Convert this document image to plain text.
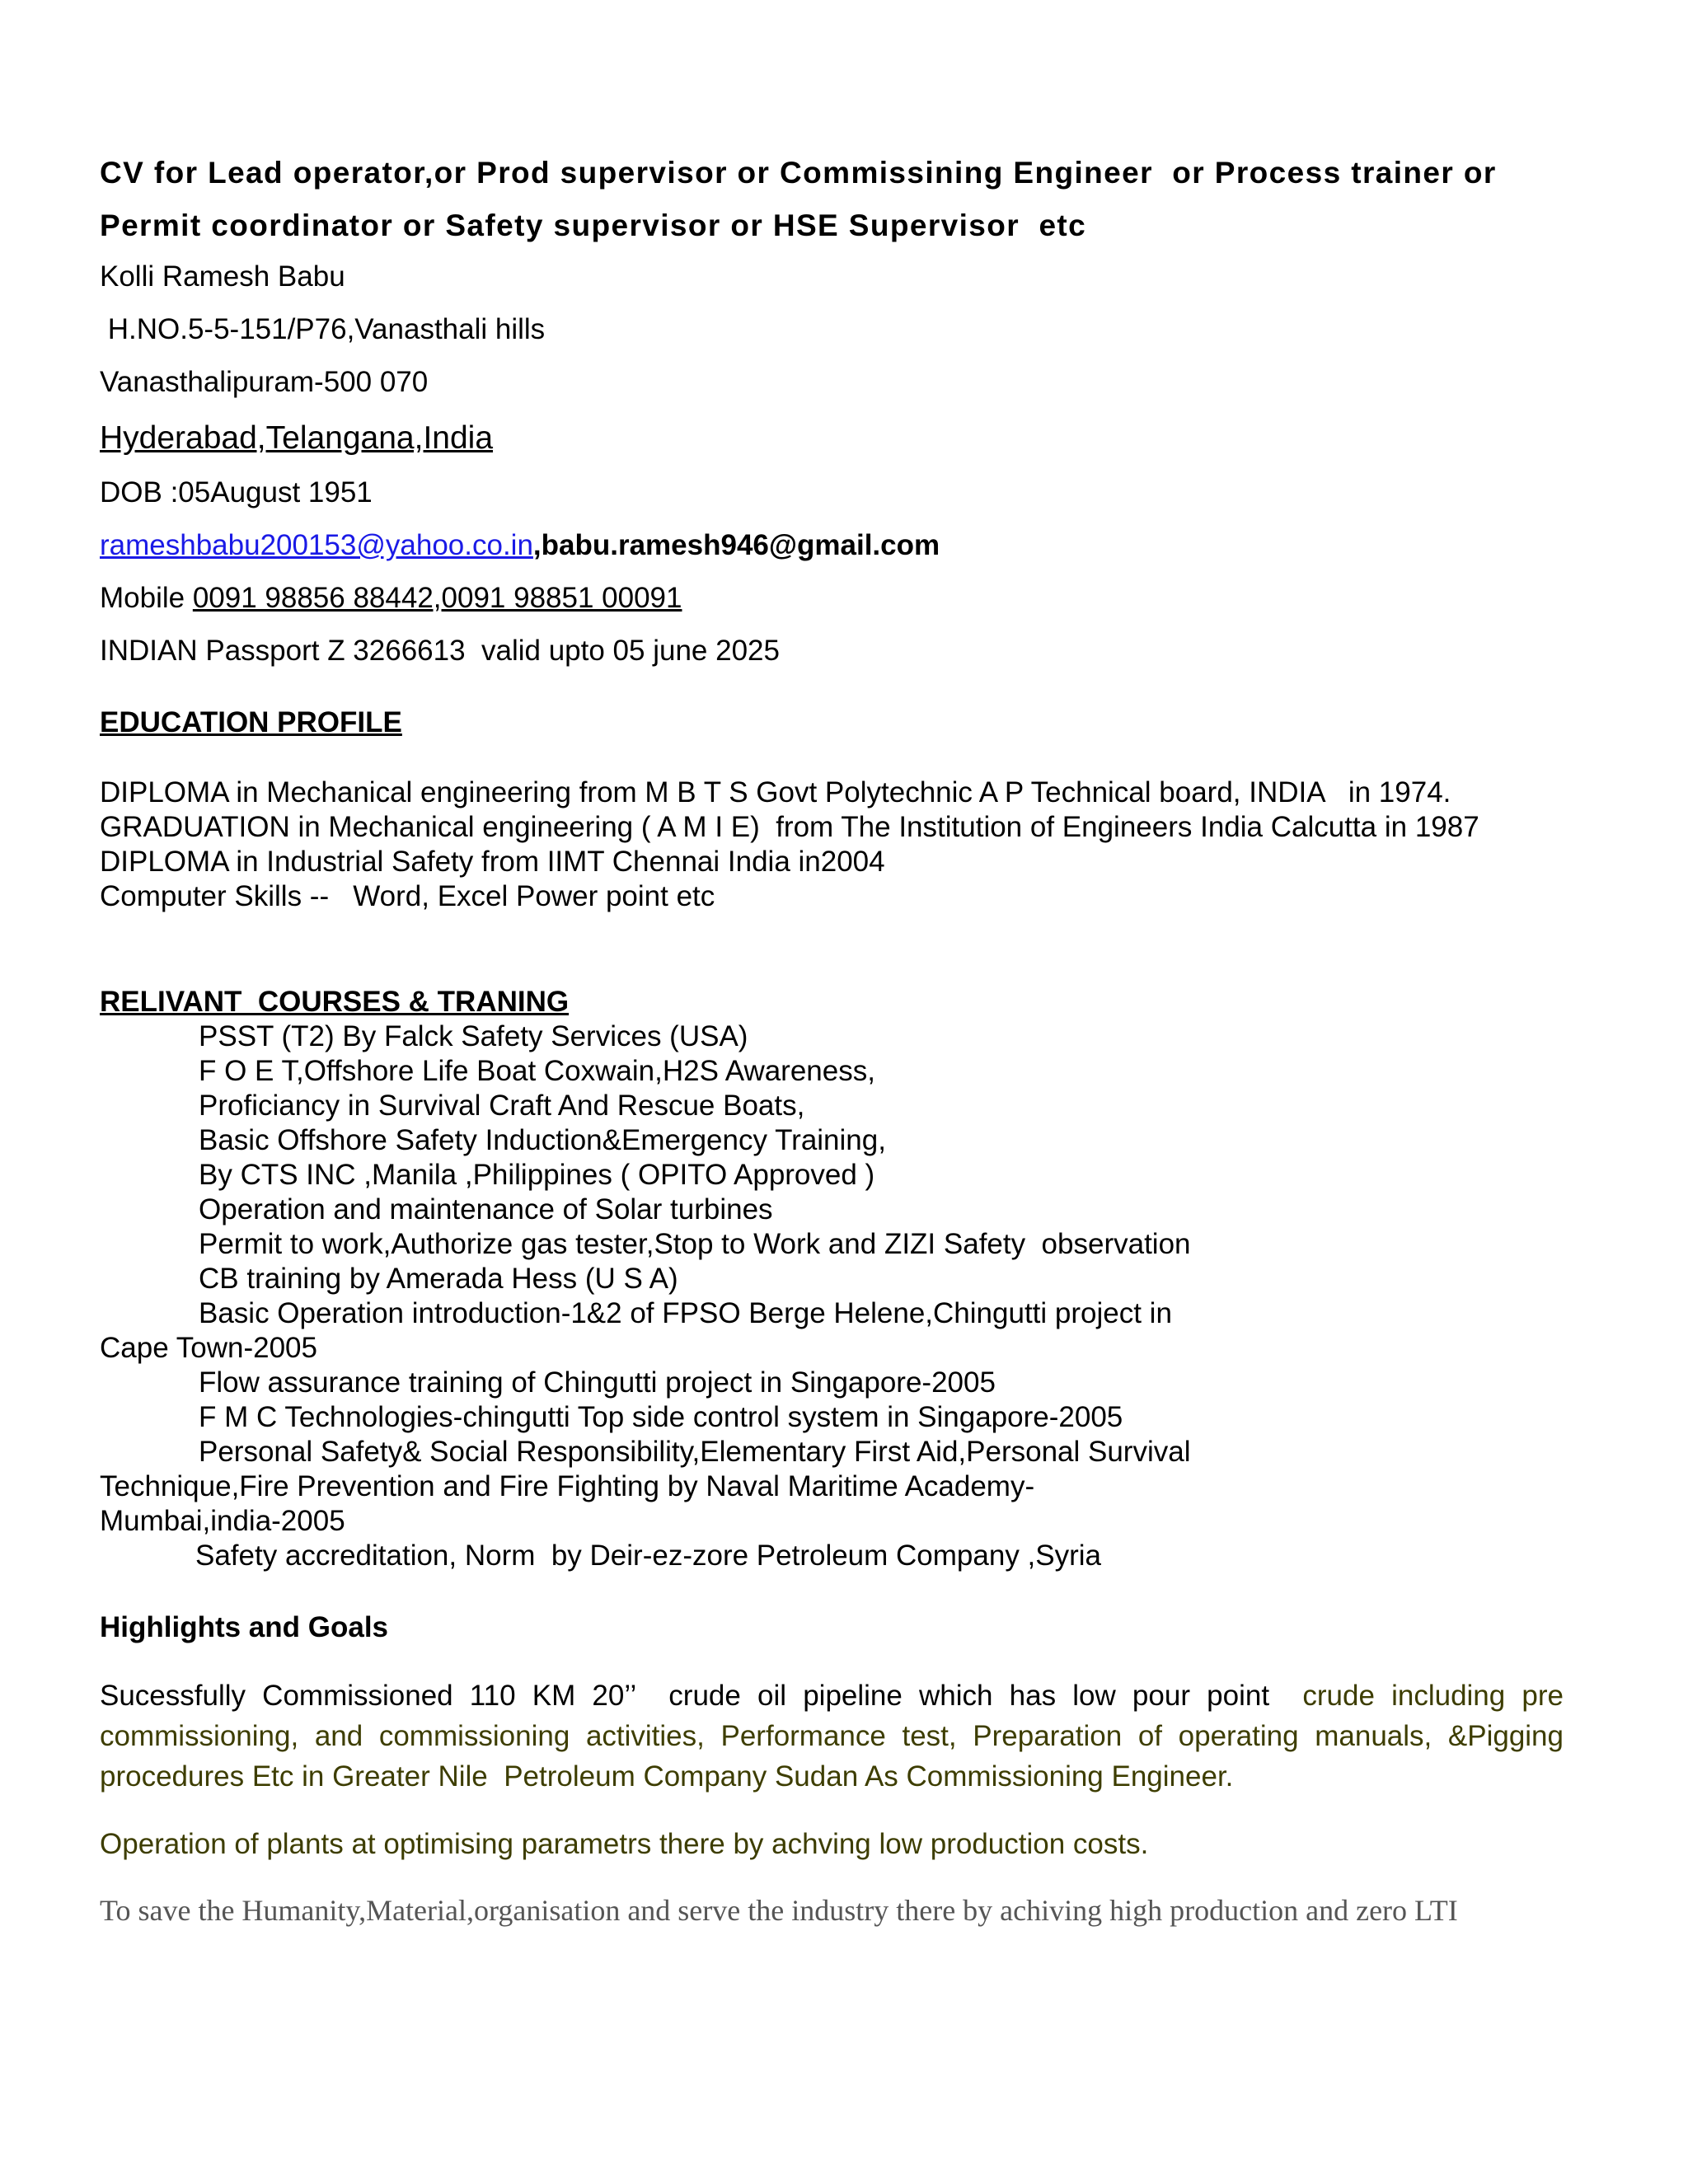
CV for Lead operator,or Prod supervisor or Commissining Engineer  or Process trainer or
Permit coordinator or Safety supervisor or HSE Supervisor  etc
Kolli Ramesh Babu
H.NO.5-5-151/P76,Vanasthali hills
Vanasthalipuram-500 070
Hyderabad,Telangana,India
DOB :05August 1951
rameshbabu200153@yahoo.co.in,babu.ramesh946@gmail.com
Mobile 0091 98856 88442,0091 98851 00091
INDIAN Passport Z 3266613  valid upto 05 june 2025
EDUCATION PROFILE
DIPLOMA in Mechanical engineering from M B T S Govt Polytechnic A P Technical board, INDIA   in 1974.
GRADUATION in Mechanical engineering ( A M I E)  from The Institution of Engineers India Calcutta in 1987
DIPLOMA in Industrial Safety from IIMT Chennai India in2004
Computer Skills --   Word, Excel Power point etc
RELIVANT  COURSES & TRANING
PSST (T2) By Falck Safety Services (USA)
F O E T,Offshore Life Boat Coxwain,H2S Awareness,
Proficiancy in Survival Craft And Rescue Boats,
Basic Offshore Safety Induction&Emergency Training,
By CTS INC ,Manila ,Philippines ( OPITO Approved )
Operation and maintenance of Solar turbines
Permit to work,Authorize gas tester,Stop to Work and ZIZI Safety  observation
CB training by Amerada Hess (U S A)
Basic Operation introduction-1&2 of FPSO Berge Helene,Chingutti project in
Cape Town-2005
Flow assurance training of Chingutti project in Singapore-2005
F M C Technologies-chingutti Top side control system in Singapore-2005
Personal Safety& Social Responsibility,Elementary First Aid,Personal Survival
Technique,Fire Prevention and Fire Fighting by Naval Maritime Academy-
Mumbai,india-2005
Safety accreditation, Norm  by Deir-ez-zore Petroleum Company ,Syria
Highlights and Goals
Sucessfully Commissioned 110 KM 20’’  crude oil pipeline which has low pour point  crude including pre
commissioning, and commissioning activities, Performance test, Preparation of operating manuals, &Pigging
procedures Etc in Greater Nile  Petroleum Company Sudan As Commissioning Engineer.
Operation of plants at optimising parametrs there by achving low production costs.
To save the Humanity,Material,organisation and serve the industry there by achiving high production and zero LTI
